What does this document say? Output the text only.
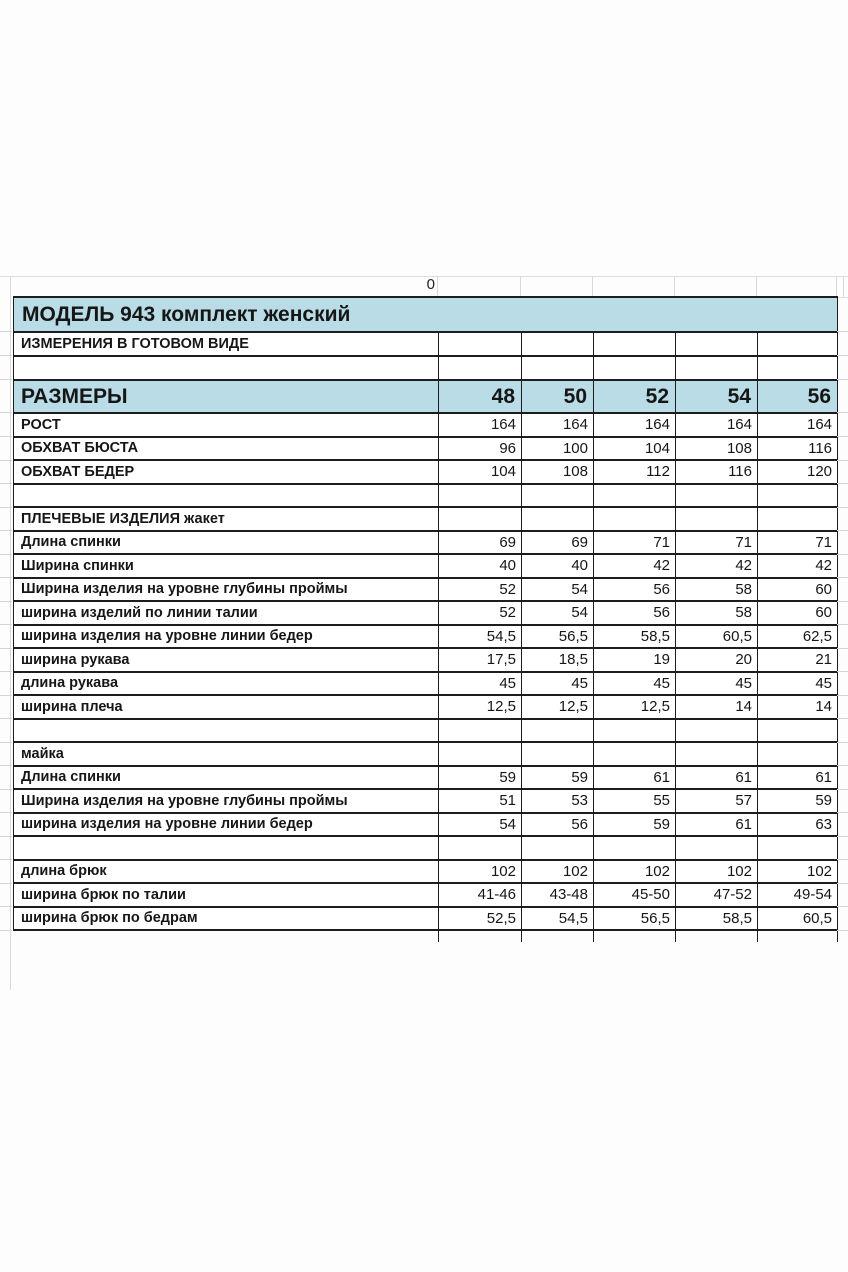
0
МОДЕЛЬ 943 комплект женский					
ИЗМЕРЕНИЯ В ГОТОВОМ ВИДЕ					

РАЗМЕРЫ	48	50	52	54	56
РОСТ	164	164	164	164	164
ОБХВАТ БЮСТА	96	100	104	108	116
ОБХВАТ БЕДЕР	104	108	112	116	120

ПЛЕЧЕВЫЕ ИЗДЕЛИЯ жакет					
Длина спинки	69	69	71	71	71
Ширина спинки	40	40	42	42	42
Ширина изделия на уровне глубины проймы	52	54	56	58	60
ширина изделий по линии талии	52	54	56	58	60
ширина изделия на уровне линии бедер	54,5	56,5	58,5	60,5	62,5
ширина рукава	17,5	18,5	19	20	21
длина рукава	45	45	45	45	45
ширина плеча	12,5	12,5	12,5	14	14

майка					
Длина спинки	59	59	61	61	61
Ширина изделия на уровне глубины проймы	51	53	55	57	59
ширина изделия на уровне линии бедер	54	56	59	61	63

длина брюк	102	102	102	102	102
ширина брюк по талии	41-46	43-48	45-50	47-52	49-54
ширина брюк по бедрам	52,5	54,5	56,5	58,5	60,5
